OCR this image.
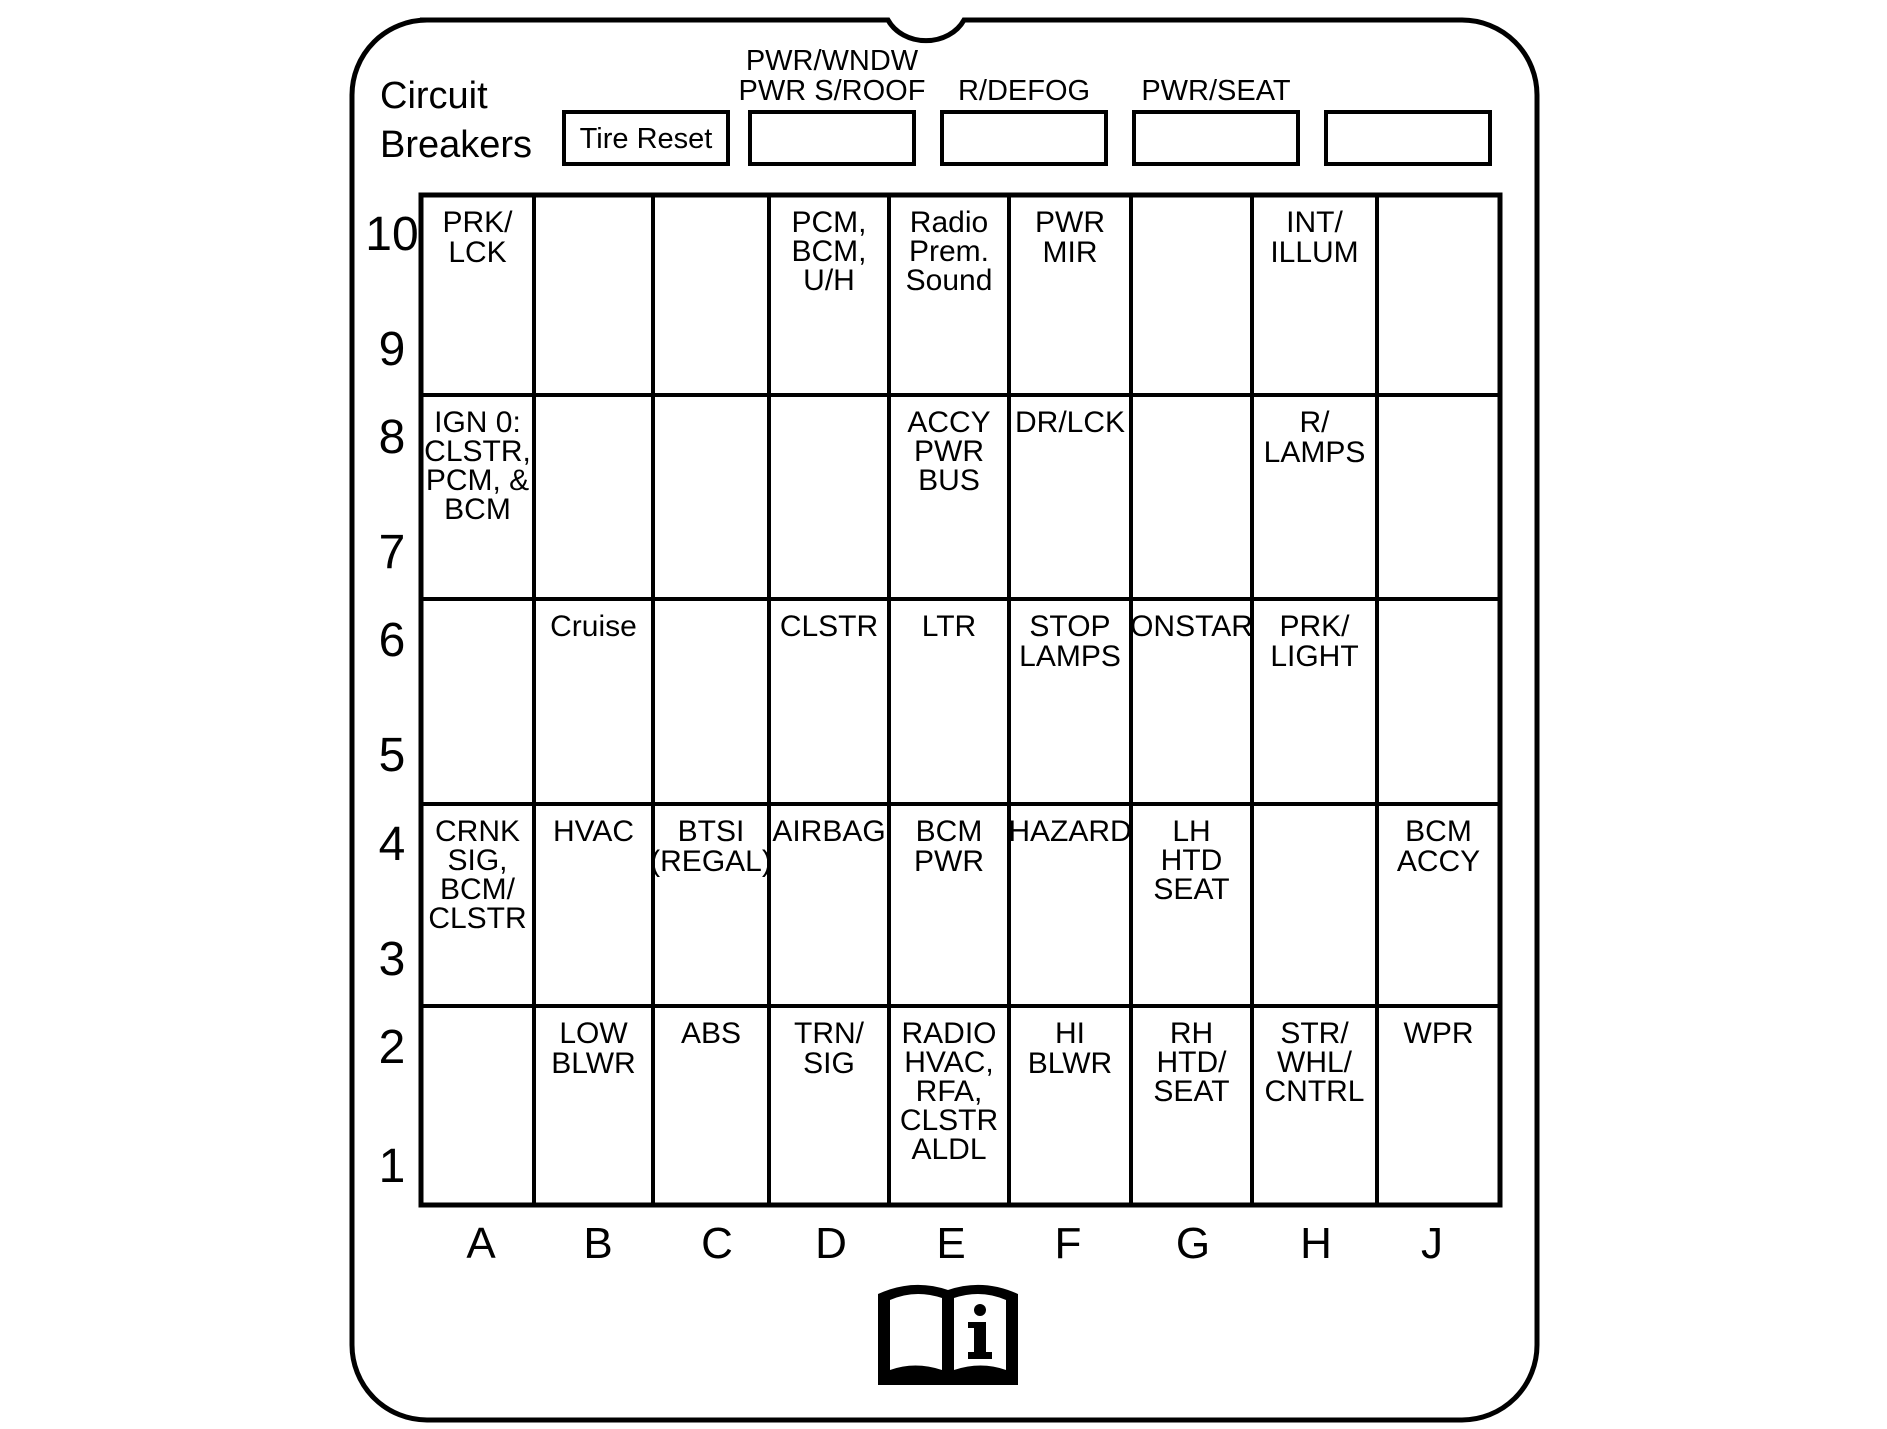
Circuit
Breakers Tire Reset
PWR/WNDW
PWR S/ROOF R/DEFOG PWR/SEAT
PRK/
LCK
PCM,
BCM,
U/H
Radio
Prem.
Sound
PWR
MIR
INT/
ILLUM
IGN 0:
CLSTR,
PCM, &
BCM
ACCY
PWR
BUS
DR/LCK	R/
LAMPS
Cruise	CLSTR LTR STOP
LAMPS
ONSTAR PRK/
LIGHT
CRNK
SIG,
BCM/
CLSTR
HVAC BTSI
(REGAL)
AIRBAG BCM
PWR
HAZARD LH
HTD
SEAT
BCM
ACCY
LOW
BLWR
ABS TRN/
SIG
RADIO
HVAC,
RFA,
CLSTR
ALDL
HI
BLWR
RH
HTD/
SEAT
STR/
WHL/
CNTRL
WPR
10
9
8
7
6
5
4
3
2
1
A B C D E F G H J
